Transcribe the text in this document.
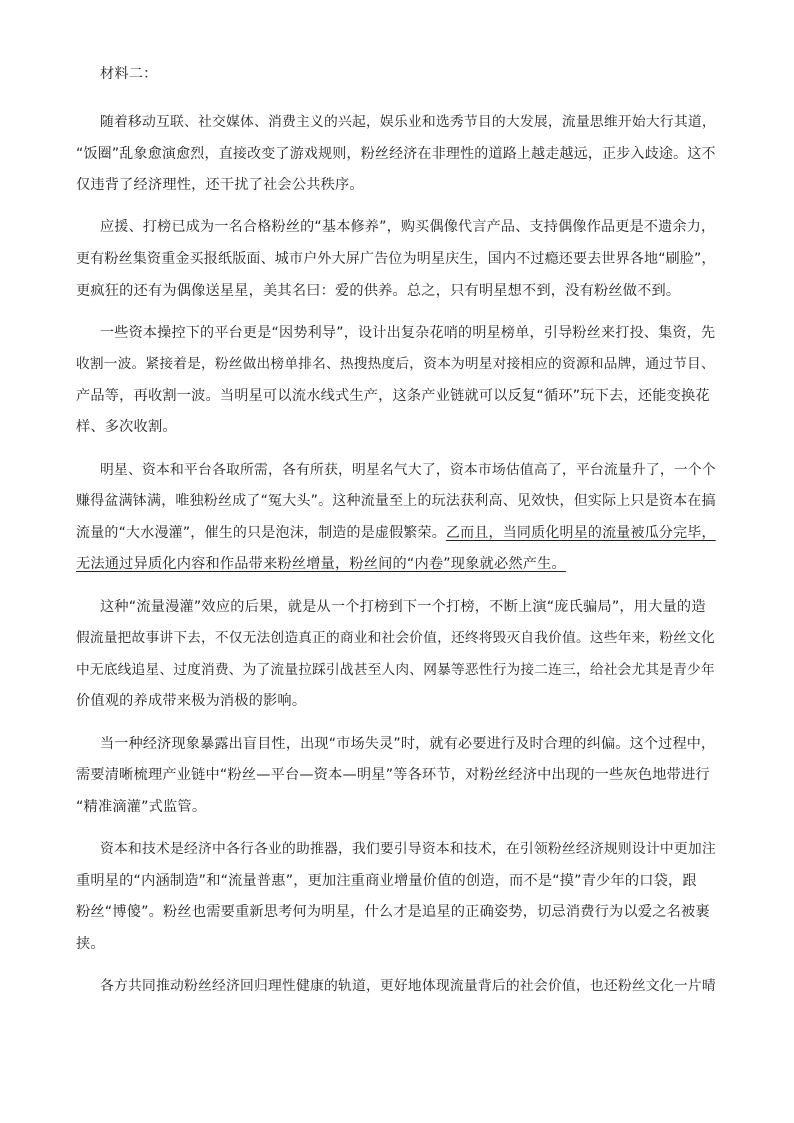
材料二：
随着移动互联、社交媒体、消费主义的兴起，娱乐业和选秀节目的大发展，流量思维开始大行其道，
“饭圈”乱象愈演愈烈，直接改变了游戏规则，粉丝经济在非理性的道路上越走越远，正步入歧途。这不
仅违背了经济理性，还干扰了社会公共秩序。
应援、打榜已成为一名合格粉丝的“基本修养”，购买偶像代言产品、支持偶像作品更是不遗余力，
更有粉丝集资重金买报纸版面、城市户外大屏广告位为明星庆生，国内不过瘾还要去世界各地“刷脸”，
更疯狂的还有为偶像送星星，美其名曰：爱的供养。总之，只有明星想不到，没有粉丝做不到。
一些资本操控下的平台更是“因势利导”，设计出复杂花哨的明星榜单，引导粉丝来打投、集资，先
收割一波。紧接着是，粉丝做出榜单排名、热搜热度后，资本为明星对接相应的资源和品牌，通过节目、
产品等，再收割一波。当明星可以流水线式生产，这条产业链就可以反复“循环”玩下去，还能变换花
样、多次收割。
明星、资本和平台各取所需，各有所获，明星名气大了，资本市场估值高了，平台流量升了，一个个
赚得盆满钵满，唯独粉丝成了“冤大头”。这种流量至上的玩法获利高、见效快，但实际上只是资本在搞
流量的“大水漫灌”，催生的只是泡沫，制造的是虚假繁荣。乙而且，当同质化明星的流量被瓜分完毕，
无法通过异质化内容和作品带来粉丝增量，粉丝间的“内卷”现象就必然产生。
这种“流量漫灌”效应的后果，就是从一个打榜到下一个打榜，不断上演“庞氏骗局”，用大量的造
假流量把故事讲下去，不仅无法创造真正的商业和社会价值，还终将毁灭自我价值。这些年来，粉丝文化
中无底线追星、过度消费、为了流量拉踩引战甚至人肉、网暴等恶性行为接二连三，给社会尤其是青少年
价值观的养成带来极为消极的影响。
当一种经济现象暴露出盲目性，出现“市场失灵”时，就有必要进行及时合理的纠偏。这个过程中，
需要清晰梳理产业链中“粉丝—平台—资本—明星”等各环节，对粉丝经济中出现的一些灰色地带进行
“精准滴灌”式监管。
资本和技术是经济中各行各业的助推器，我们要引导资本和技术，在引领粉丝经济规则设计中更加注
重明星的“内涵制造”和“流量普惠”，更加注重商业增量价值的创造，而不是“摸”青少年的口袋，跟
粉丝“博傻”。粉丝也需要重新思考何为明星，什么才是追星的正确姿势，切忌消费行为以爱之名被裹
挟。
各方共同推动粉丝经济回归理性健康的轨道，更好地体现流量背后的社会价值，也还粉丝文化一片晴
